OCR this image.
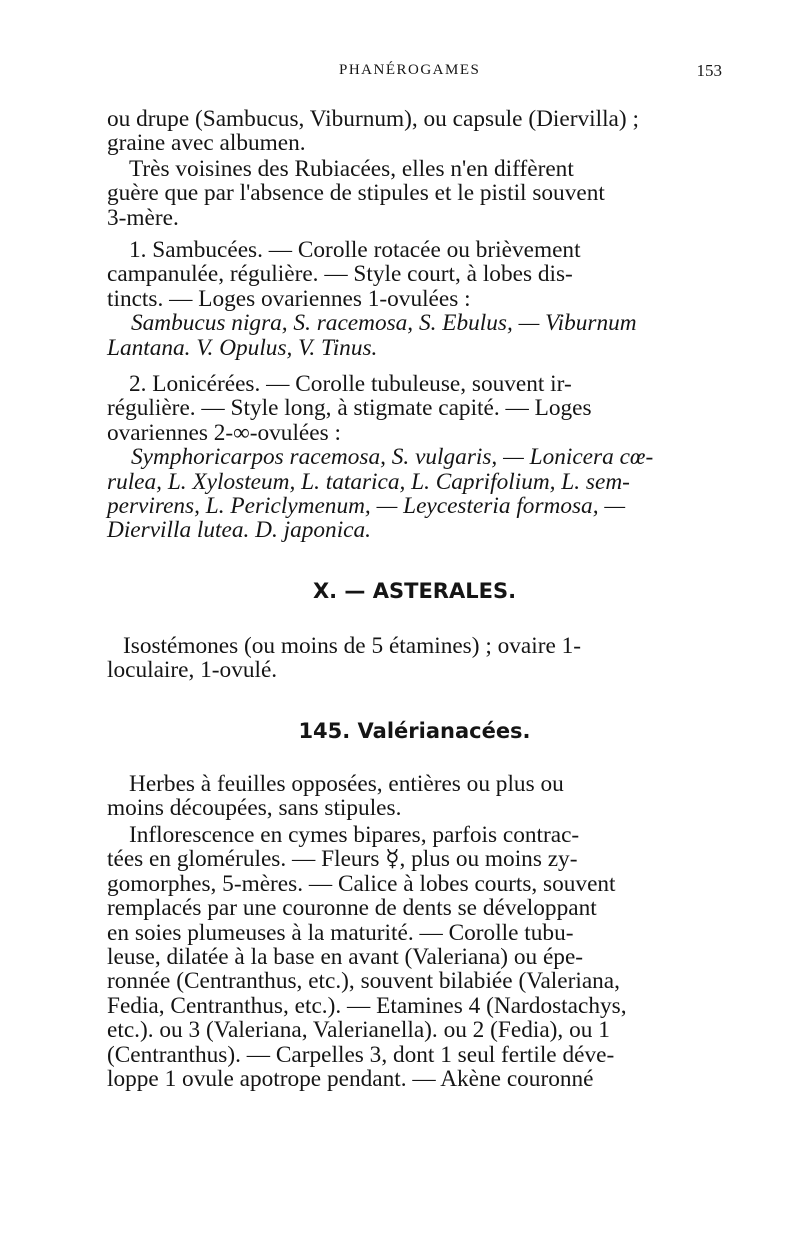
PHANÉROGAMES	153

ou drupe (Sambucus, Viburnum), ou capsule (Diervilla) ;

graine avec albumen.

Très voisines des Rubiacées, elles n'en diffèrent

guère que par l'absence de stipules et le pistil souvent

3-mère.

1. Sambucées. — Corolle rotacée ou brièvement

campanulée, régulière. — Style court, à lobes dis-

tincts. — Loges ovariennes 1-ovulées :

Sambucus nigra, S. racemosa, S. Ebulus, — Viburnum

Lantana. V. Opulus, V. Tinus.

2. Lonicérées. — Corolle tubuleuse, souvent ir-

régulière. — Style long, à stigmate capité. — Loges

ovariennes 2-∞-ovulées :

Symphoricarpos racemosa, S. vulgaris, — Lonicera cœ-

rulea, L. Xylosteum, L. tatarica, L. Caprifolium, L. sem-

pervirens, L. Periclymenum, — Leycesteria formosa, —

Diervilla lutea. D. japonica.

X. — ASTERALES.

Isostémones (ou moins de 5 étamines) ; ovaire 1-

loculaire, 1-ovulé.

145. Valérianacées.

Herbes à feuilles opposées, entières ou plus ou

moins découpées, sans stipules.

Inflorescence en cymes bipares, parfois contrac-

tées en glomérules. — Fleurs ☿, plus ou moins zy-

gomorphes, 5-mères. — Calice à lobes courts, souvent

remplacés par une couronne de dents se développant

en soies plumeuses à la maturité. — Corolle tubu-

leuse, dilatée à la base en avant (Valeriana) ou épe-

ronnée (Centranthus, etc.), souvent bilabiée (Valeriana,

Fedia, Centranthus, etc.). — Etamines 4 (Nardostachys,

etc.). ou 3 (Valeriana, Valerianella). ou 2 (Fedia), ou 1

(Centranthus). — Carpelles 3, dont 1 seul fertile déve-

loppe 1 ovule apotrope pendant. — Akène couronné
